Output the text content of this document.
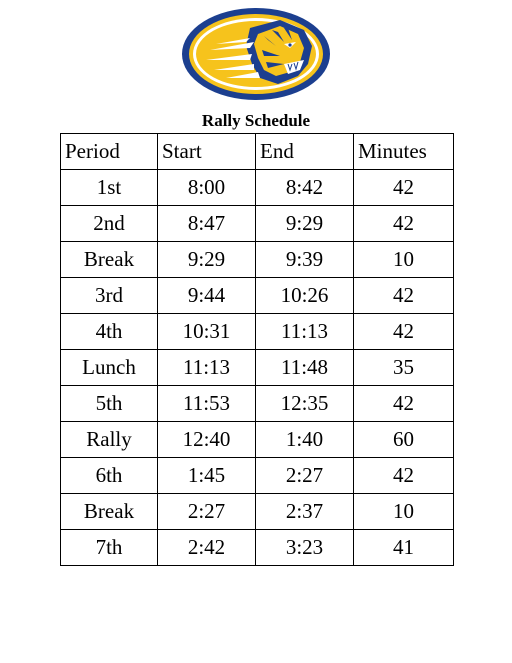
Rally Schedule
Period	Start	End	Minutes
1st	8:00	8:42	42
2nd	8:47	9:29	42
Break	9:29	9:39	10
3rd	9:44	10:26	42
4th	10:31	11:13	42
Lunch	11:13	11:48	35
5th	11:53	12:35	42
Rally	12:40	1:40	60
6th	1:45	2:27	42
Break	2:27	2:37	10
7th	2:42	3:23	41
